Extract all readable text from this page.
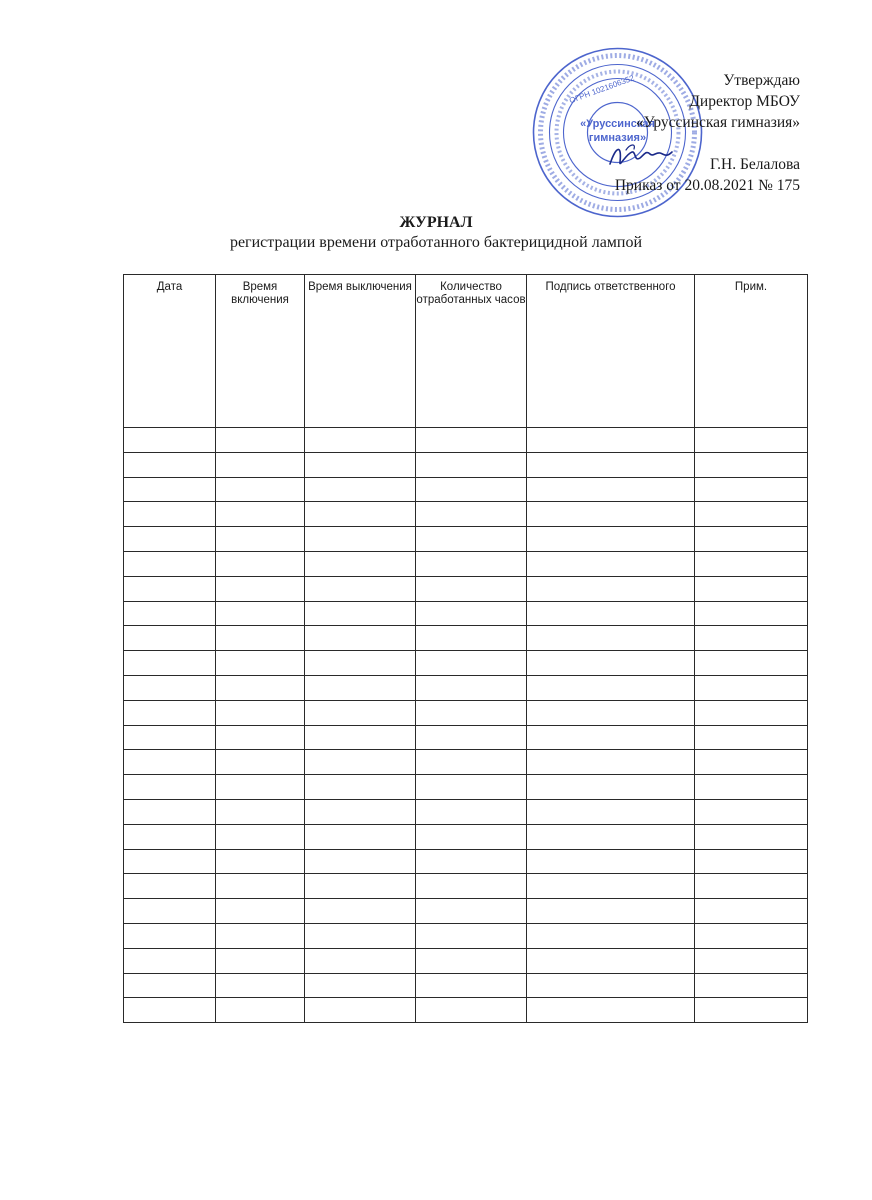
Утверждаю
Директор МБОУ
«Уруссинская гимназия»
Г.Н. Белалова
Приказ от 20.08.2021 № 175
«Уруссинская
гимназия»
ОГРН 1021606352
ЖУРНАЛ
регистрации времени отработанного бактерицидной лампой
Дата	Время включения	Время выключения	Количество отработанных часов	Подпись ответственного	Прим.
